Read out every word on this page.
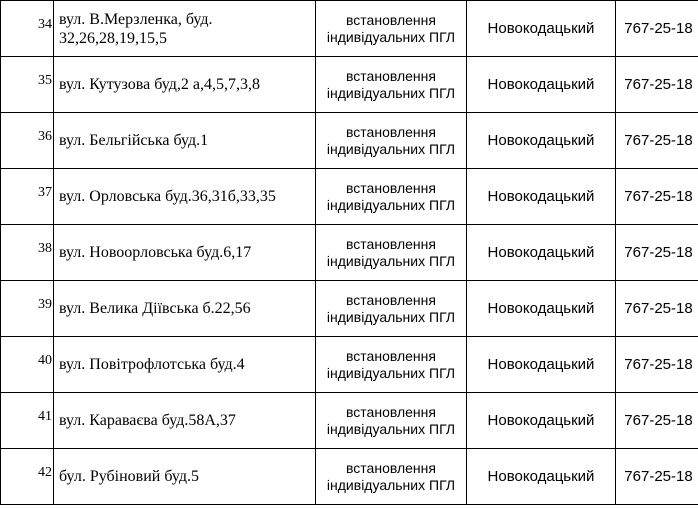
34	вул. В.Мерзленка, буд. 32,26,28,19,15,5	встановлення індивідуальних ПГЛ	Новокодацький	767-25-18
35	вул. Кутузова буд,2 а,4,5,7,3,8	встановлення індивідуальних ПГЛ	Новокодацький	767-25-18
36	вул. Бельгійська буд.1	встановлення індивідуальних ПГЛ	Новокодацький	767-25-18
37	вул. Орловська буд.36,31б,33,35	встановлення індивідуальних ПГЛ	Новокодацький	767-25-18
38	вул. Новоорловська буд.6,17	встановлення індивідуальних ПГЛ	Новокодацький	767-25-18
39	вул. Велика Діївська б.22,56	встановлення індивідуальних ПГЛ	Новокодацький	767-25-18
40	вул. Повітрофлотська буд.4	встановлення індивідуальних ПГЛ	Новокодацький	767-25-18
41	вул. Караваєва буд.58А,37	встановлення індивідуальних ПГЛ	Новокодацький	767-25-18
42	бул. Рубіновий буд.5	встановлення індивідуальних ПГЛ	Новокодацький	767-25-18
